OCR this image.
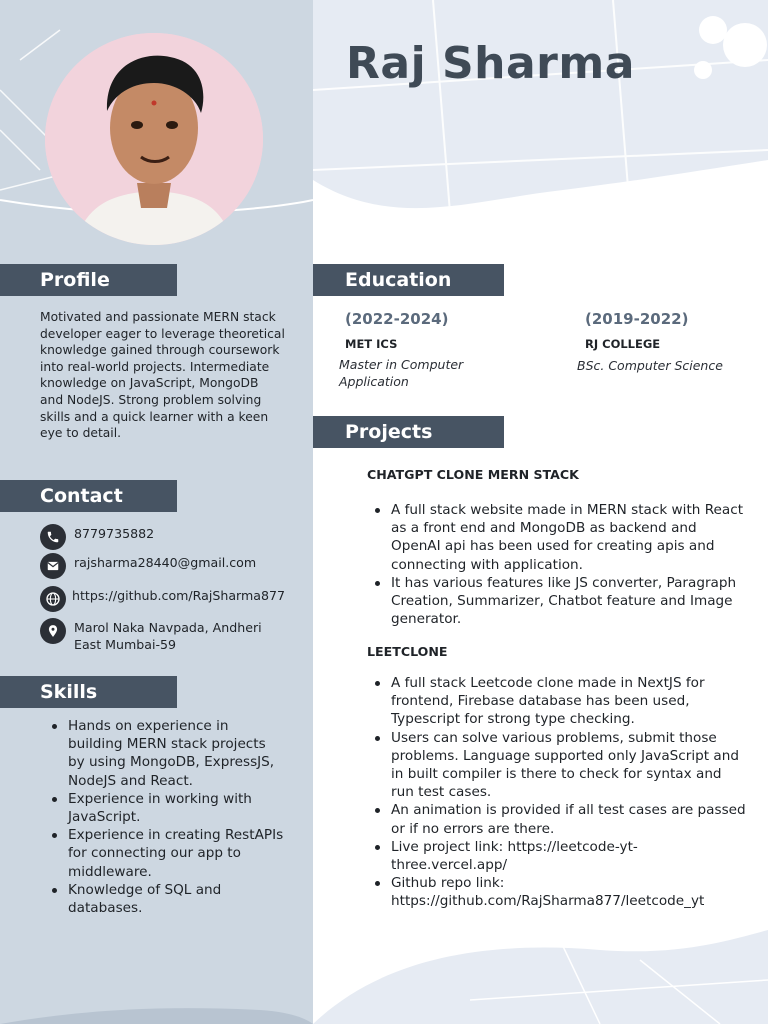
Raj Sharma
Profile
Motivated and passionate MERN stack developer eager to leverage theoretical knowledge gained through coursework into real-world projects. Intermediate knowledge on JavaScript, MongoDB and NodeJS. Strong problem solving skills and a quick learner with a keen eye to detail.
Contact
8779735882
rajsharma28440@gmail.com
https://github.com/RajSharma877
Marol Naka Navpada, Andheri East Mumbai-59
Skills
Hands on experience in building MERN stack projects by using MongoDB, ExpressJS, NodeJS and React.
Experience in working with JavaScript.
Experience in creating RestAPIs for connecting our app to middleware.
Knowledge of SQL and databases.
Education
(2022-2024)
MET ICS
Master in Computer Application
(2019-2022)
RJ COLLEGE
BSc. Computer Science
Projects
CHATGPT CLONE MERN STACK
A full stack website made in MERN stack with React as a front end and MongoDB as backend and OpenAI api has been used for creating apis and connecting with application.
It has various features like JS converter, Paragraph Creation, Summarizer, Chatbot feature and Image generator.
LEETCLONE
A full stack Leetcode clone made in NextJS for frontend, Firebase database has been used, Typescript for strong type checking.
Users can solve various problems, submit those problems. Language supported only JavaScript and in built compiler is there to check for syntax and run test cases.
An animation is provided if all test cases are passed or if no errors are there.
Live project link: https://leetcode-yt-three.vercel.app/
Github repo link: https://github.com/RajSharma877/leetcode_yt
